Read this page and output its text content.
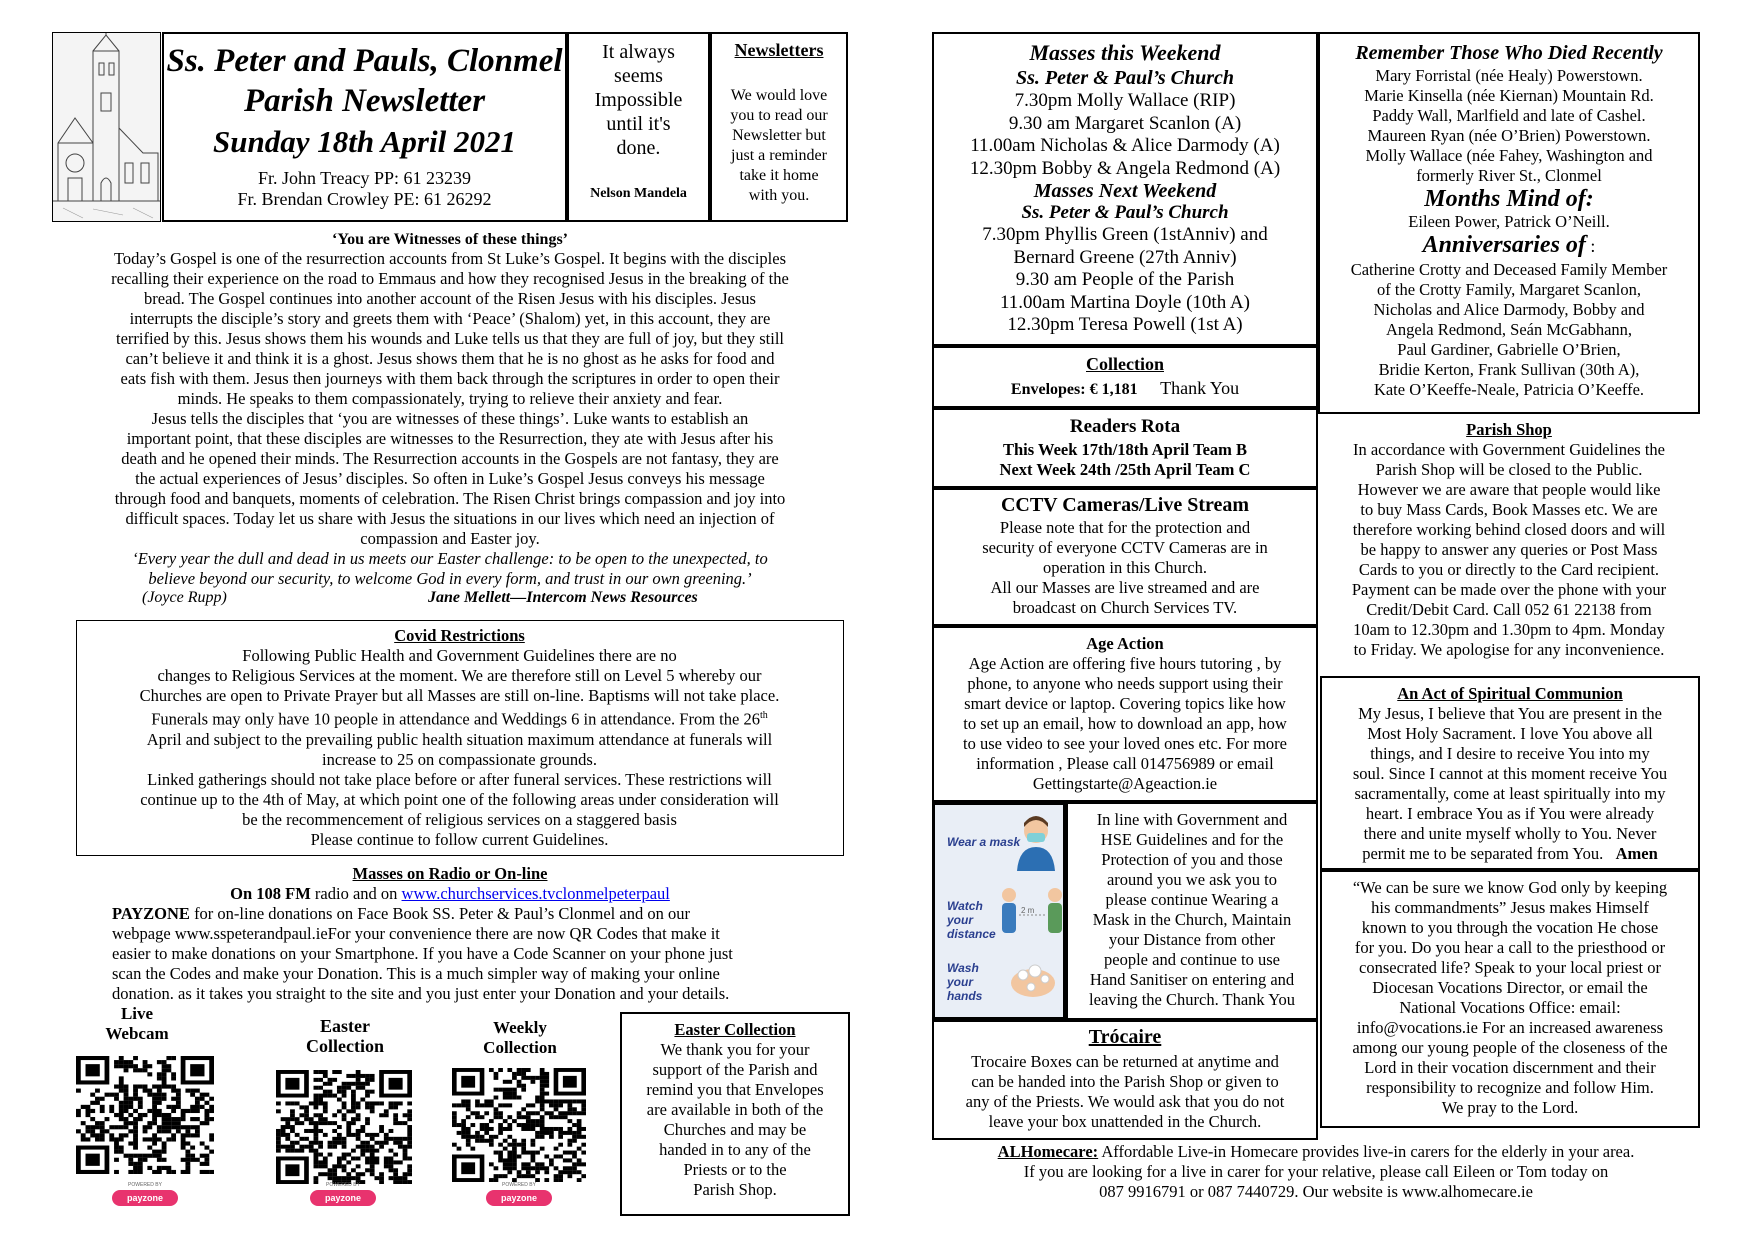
Ss. Peter and Pauls, Clonmel
Parish Newsletter
Sunday 18th April 2021
Fr. John Treacy PP: 61 23239
Fr. Brendan Crowley PE: 61 26292
It always
seems
Impossible
until it's
done.
Nelson Mandela
Newsletters
We would love
you to read our
Newsletter but
just a reminder
take it home
with you.
‘You are Witnesses of these things’
Today’s Gospel is one of the resurrection accounts from St Luke’s Gospel. It begins with the disciples
recalling their experience on the road to Emmaus and how they recognised Jesus in the breaking of the
bread. The Gospel continues into another account of the Risen Jesus with his disciples. Jesus
interrupts the disciple’s story and greets them with ‘Peace’ (Shalom) yet, in this account, they are
terrified by this. Jesus shows them his wounds and Luke tells us that they are full of joy, but they still
can’t believe it and think it is a ghost. Jesus shows them that he is no ghost as he asks for food and
eats fish with them. Jesus then journeys with them back through the scriptures in order to open their
minds. He speaks to them compassionately, trying to relieve their anxiety and fear.
Jesus tells the disciples that ‘you are witnesses of these things’. Luke wants to establish an
important point, that these disciples are witnesses to the Resurrection, they ate with Jesus after his
death and he opened their minds. The Resurrection accounts in the Gospels are not fantasy, they are
the actual experiences of Jesus’ disciples. So often in Luke’s Gospel Jesus conveys his message
through food and banquets, moments of celebration. The Risen Christ brings compassion and joy into
difficult spaces. Today let us share with Jesus the situations in our lives which need an injection of
compassion and Easter joy.
‘Every year the dull and dead in us meets our Easter challenge: to be open to the unexpected, to
believe beyond our security, to welcome God in every form, and trust in our own greening.’
(Joyce Rupp)	Jane Mellett—Intercom News Resources
Covid Restrictions
Following Public Health and Government Guidelines there are no
changes to Religious Services at the moment. We are therefore still on Level 5 whereby our
Churches are open to Private Prayer but all Masses are still on-line. Baptisms will not take place.
Funerals may only have 10 people in attendance and Weddings 6 in attendance. From the 26th
April and subject to the prevailing public health situation maximum attendance at funerals will
increase to 25 on compassionate grounds.
Linked gatherings should not take place before or after funeral services. These restrictions will
continue up to the 4th of May, at which point one of the following areas under consideration will
be the recommencement of religious services on a staggered basis
Please continue to follow current Guidelines.
Masses on Radio or On-line
On 108 FM radio and on www.churchservices.tvclonmelpeterpaul
PAYZONE for on-line donations on Face Book SS. Peter & Paul’s Clonmel and on our
webpage www.sspeterandpaul.ieFor your convenience there are now QR Codes that make it
easier to make donations on your Smartphone. If you have a Code Scanner on your phone just
scan the Codes and make your Donation. This is a much simpler way of making your online
donation. as it takes you straight to the site and you just enter your Donation and your details.
Live
Webcam	Easter
Collection
Weekly
Collection
POWERED BY
payzone
POWERED BY
payzone
POWERED BY
payzone
Easter Collection
We thank you for your
support of the Parish and
remind you that Envelopes
are available in both of the
Churches and may be
handed in to any of the
Priests or to the
Parish Shop.
Masses this Weekend
Ss. Peter & Paul’s Church
7.30pm Molly Wallace (RIP)
9.30 am Margaret Scanlon (A)
11.00am Nicholas & Alice Darmody (A)
12.30pm Bobby & Angela Redmond (A)
Masses Next Weekend
Ss. Peter & Paul’s Church
7.30pm Phyllis Green (1stAnniv) and
Bernard Greene (27th Anniv)
9.30 am People of the Parish
11.00am Martina Doyle (10th A)
12.30pm Teresa Powell (1st A)
Collection
Envelopes: € 1,181 Thank You
Readers Rota
This Week 17th/18th April Team B
Next Week 24th /25th April Team C
CCTV Cameras/Live Stream
Please note that for the protection and
security of everyone CCTV Cameras are in
operation in this Church.
All our Masses are live streamed and are
broadcast on Church Services TV.
Age Action
Age Action are offering five hours tutoring , by
phone, to anyone who needs support using their
smart device or laptop. Covering topics like how
to set up an email, how to download an app, how
to use video to see your loved ones etc. For more
information , Please call 014756989 or email
Gettingstarte@Ageaction.ie
Wear a mask
Watch your distance
2 m
Wash your hands
In line with Government and
HSE Guidelines and for the
Protection of you and those
around you we ask you to
please continue Wearing a
Mask in the Church, Maintain
your Distance from other
people and continue to use
Hand Sanitiser on entering and
leaving the Church. Thank You
Trócaire
Trocaire Boxes can be returned at anytime and
can be handed into the Parish Shop or given to
any of the Priests. We would ask that you do not
leave your box unattended in the Church.
Remember Those Who Died Recently
Mary Forristal (née Healy) Powerstown.
Marie Kinsella (née Kiernan) Mountain Rd.
Paddy Wall, Marlfield and late of Cashel.
Maureen Ryan (née O’Brien) Powerstown.
Molly Wallace (née Fahey, Washington and
formerly River St., Clonmel
Months Mind of:
Eileen Power, Patrick O’Neill.
Anniversaries of :
Catherine Crotty and Deceased Family Member
of the Crotty Family, Margaret Scanlon,
Nicholas and Alice Darmody, Bobby and
Angela Redmond, Seán McGabhann,
Paul Gardiner, Gabrielle O’Brien,
Bridie Kerton, Frank Sullivan (30th A),
Kate O’Keeffe-Neale, Patricia O’Keeffe.
Parish Shop
In accordance with Government Guidelines the
Parish Shop will be closed to the Public.
However we are aware that people would like
to buy Mass Cards, Book Masses etc. We are
therefore working behind closed doors and will
be happy to answer any queries or Post Mass
Cards to you or directly to the Card recipient.
Payment can be made over the phone with your
Credit/Debit Card. Call 052 61 22138 from
10am to 12.30pm and 1.30pm to 4pm. Monday
to Friday. We apologise for any inconvenience.
An Act of Spiritual Communion
My Jesus, I believe that You are present in the
Most Holy Sacrament. I love You above all
things, and I desire to receive You into my
soul. Since I cannot at this moment receive You
sacramentally, come at least spiritually into my
heart. I embrace You as if You were already
there and unite myself wholly to You. Never
permit me to be separated from You. Amen
“We can be sure we know God only by keeping
his commandments” Jesus makes Himself
known to you through the vocation He chose
for you. Do you hear a call to the priesthood or
consecrated life? Speak to your local priest or
Diocesan Vocations Director, or email the
National Vocations Office: email:
info@vocations.ie For an increased awareness
among our young people of the closeness of the
Lord in their vocation discernment and their
responsibility to recognize and follow Him.
We pray to the Lord.
ALHomecare: Affordable Live-in Homecare provides live-in carers for the elderly in your area.
If you are looking for a live in carer for your relative, please call Eileen or Tom today on
087 9916791 or 087 7440729. Our website is www.alhomecare.ie
